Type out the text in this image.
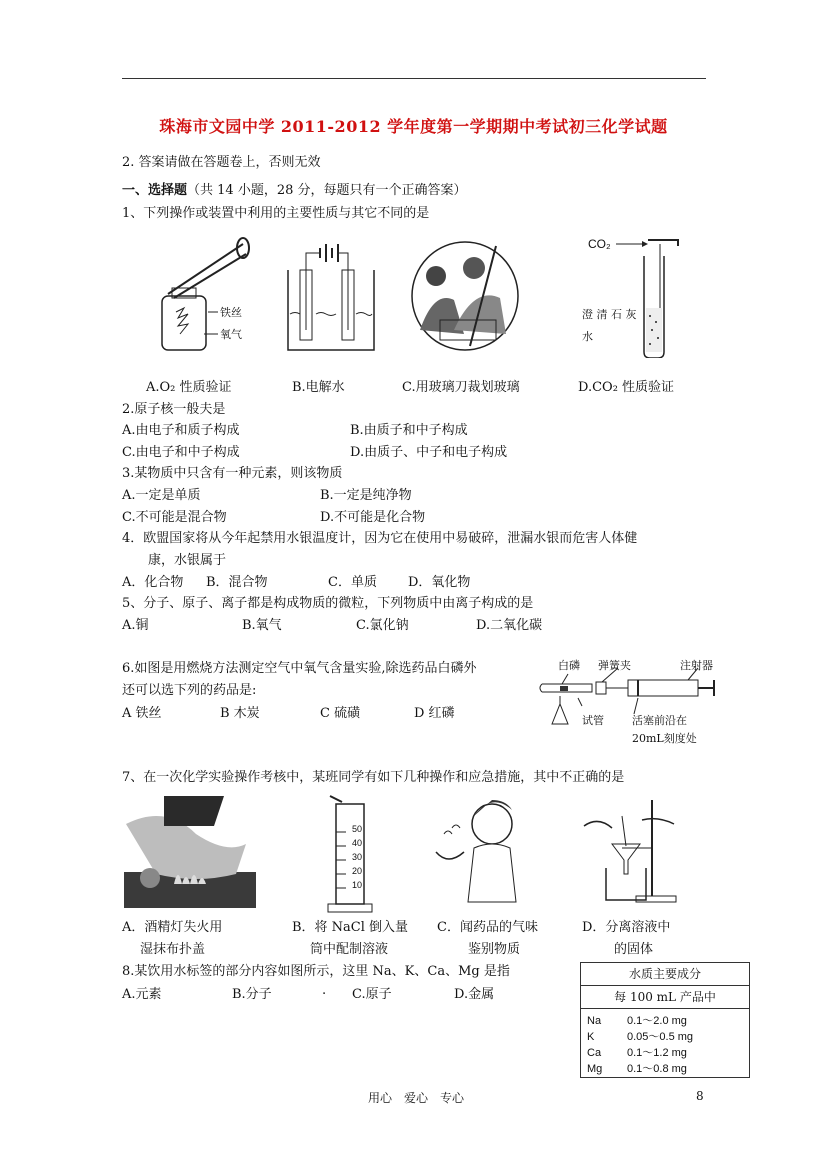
珠海市文园中学 2011-2012 学年度第一学期期中考试初三化学试题
2. 答案请做在答题卷上，否则无效
一、选择题（共 14 小题，28 分，每题只有一个正确答案）
1、下列操作或装置中利用的主要性质与其它不同的是
铁丝
氧气
CO₂
澄 清 石 灰
水
A.O₂ 性质验证	B.电解水	C.用玻璃刀裁划玻璃	D.CO₂ 性质验证
2.原子核一般夫是
A.由电子和质子构成	B.由质子和中子构成
C.由电子和中子构成	D.由质子、中子和电子构成
3.某物质中只含有一种元素，则该物质
A.一定是单质	B.一定是纯净物
C.不可能是混合物	D.不可能是化合物
4．欧盟国家将从今年起禁用水银温度计，因为它在使用中易破碎，泄漏水银而危害人体健
康，水银属于
A．化合物 B．混合物	C．单质 D．氧化物
5、分子、原子、离子都是构成物质的微粒，下列物质中由离子构成的是
A.铜	B.氧气	C.氯化钠	D.二氧化碳
6.如图是用燃烧方法测定空气中氧气含量实验,除选药品白磷外
还可以选下列的药品是:
A 铁丝	B 木炭	C 硫磺	D 红磷
白磷 弹簧夹	注射器
试管	活塞前沿在
20mL刻度处
7、在一次化学实验操作考核中，某班同学有如下几种操作和应急措施，其中不正确的是
50
40
30
20
10
A．酒精灯失火用
湿抹布扑盖
B．将 NaCl 倒入量
筒中配制溶液
C．闻药品的气味
鉴别物质
D．分离溶液中
的固体
8.某饮用水标签的部分内容如图所示，这里 Na、K、Ca、Mg 是指
A.元素	B.分子	. C.原子	D.金属
水质主要成分
每 100 mL 产品中
Na 0.1～2.0 mg
K	0.05～0.5 mg
Ca 0.1～1.2 mg
Mg 0.1～0.8 mg
用心　爱心　专心	8
